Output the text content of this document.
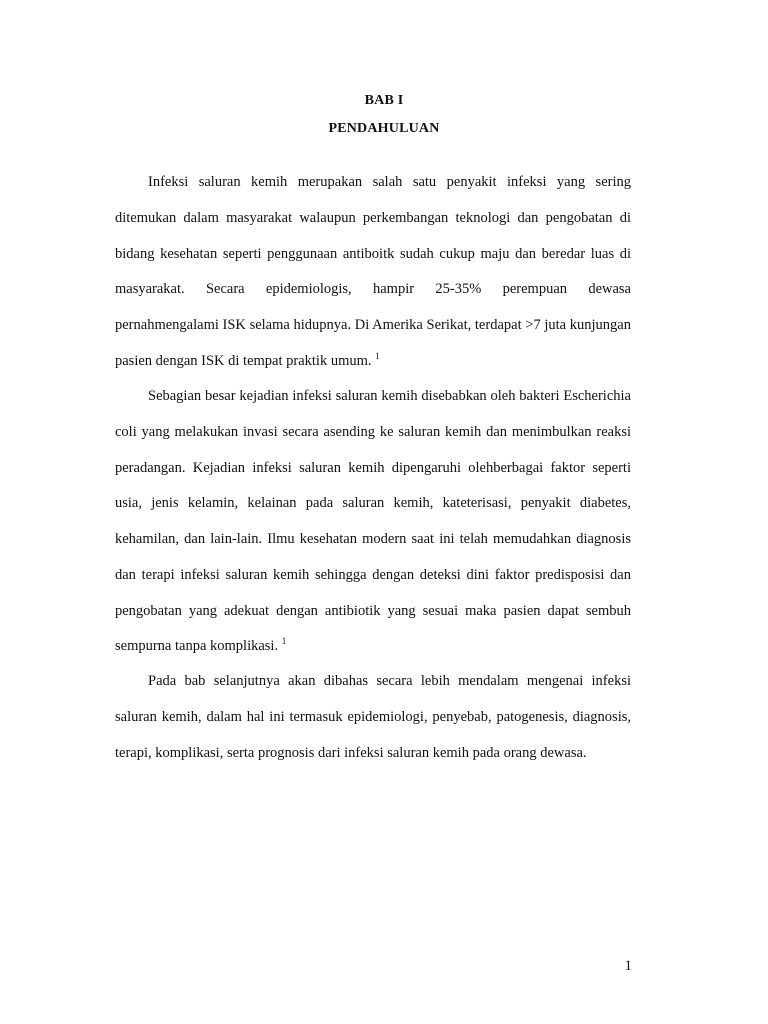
BAB I
PENDAHULUAN

Infeksi saluran kemih merupakan salah satu penyakit infeksi yang sering ditemukan dalam masyarakat walaupun perkembangan teknologi dan pengobatan di bidang kesehatan seperti penggunaan antiboitk sudah cukup maju dan beredar luas di masyarakat. Secara epidemiologis, hampir 25-35% perempuan dewasa pernahmengalami ISK selama hidupnya. Di Amerika Serikat, terdapat >7 juta kunjungan pasien dengan ISK di tempat praktik umum. $^1$

Sebagian besar kejadian infeksi saluran kemih disebabkan oleh bakteri Escherichia coli yang melakukan invasi secara asending ke saluran kemih dan menimbulkan reaksi peradangan. Kejadian infeksi saluran kemih dipengaruhi olehberbagai faktor seperti usia, jenis kelamin, kelainan pada saluran kemih, kateterisasi, penyakit diabetes, kehamilan, dan lain-lain. Ilmu kesehatan modern saat ini telah memudahkan diagnosis dan terapi infeksi saluran kemih sehingga dengan deteksi dini faktor predisposisi dan pengobatan yang adekuat dengan antibiotik yang sesuai maka pasien dapat sembuh sempurna tanpa komplikasi. $^1$

Pada bab selanjutnya akan dibahas secara lebih mendalam mengenai infeksi saluran kemih, dalam hal ini termasuk epidemiologi, penyebab, patogenesis, diagnosis, terapi, komplikasi, serta prognosis dari infeksi saluran kemih pada orang dewasa.

1
